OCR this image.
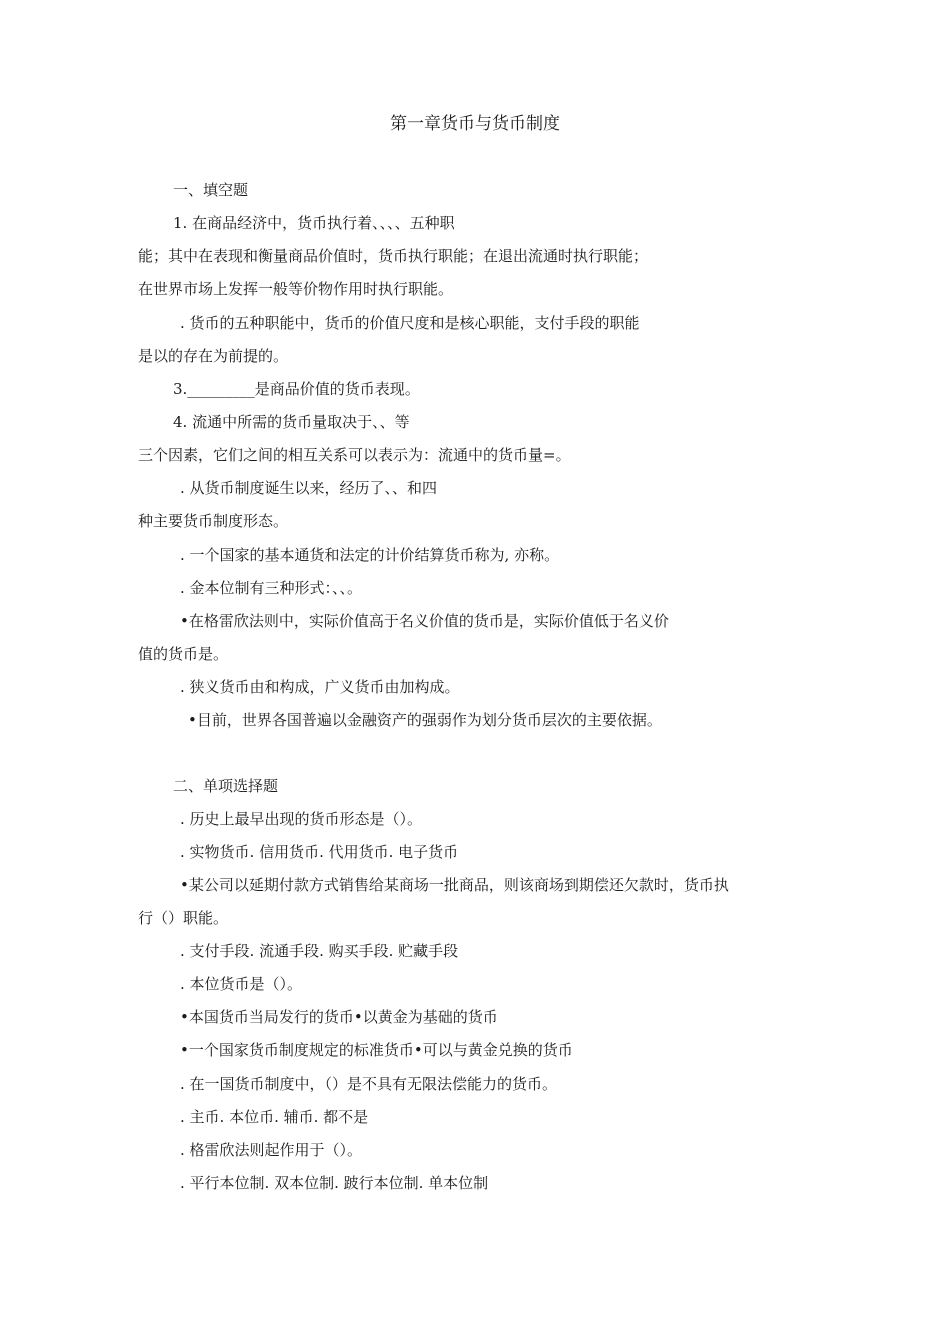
第一章货币与货币制度
一、填空题
1. 在商品经济中，货币执行着、、、、五种职
能；其中在表现和衡量商品价值时，货币执行职能；在退出流通时执行职能；
在世界市场上发挥一般等价物作用时执行职能。
. 货币的五种职能中，货币的价值尺度和是核心职能，支付手段的职能
是以的存在为前提的。
3._________是商品价值的货币表现。
4. 流通中所需的货币量取决于、、等
三个因素，它们之间的相互关系可以表示为：流通中的货币量=。
. 从货币制度诞生以来，经历了、、和四
种主要货币制度形态。
. 一个国家的基本通货和法定的计价结算货币称为, 亦称。
. 金本位制有三种形式：、、。
•在格雷欣法则中，实际价值高于名义价值的货币是，实际价值低于名义价
值的货币是。
. 狭义货币由和构成，广义货币由加构成。
•目前，世界各国普遍以金融资产的强弱作为划分货币层次的主要依据。
二、单项选择题
. 历史上最早出现的货币形态是（）。
. 实物货币. 信用货币. 代用货币. 电子货币
•某公司以延期付款方式销售给某商场一批商品，则该商场到期偿还欠款时，货币执
行（）职能。
. 支付手段. 流通手段. 购买手段. 贮藏手段
. 本位货币是（）。
•本国货币当局发行的货币•以黄金为基础的货币
•一个国家货币制度规定的标准货币•可以与黄金兑换的货币
. 在一国货币制度中，（）是不具有无限法偿能力的货币。
. 主币. 本位币. 辅币. 都不是
. 格雷欣法则起作用于（）。
. 平行本位制. 双本位制. 跛行本位制. 单本位制
